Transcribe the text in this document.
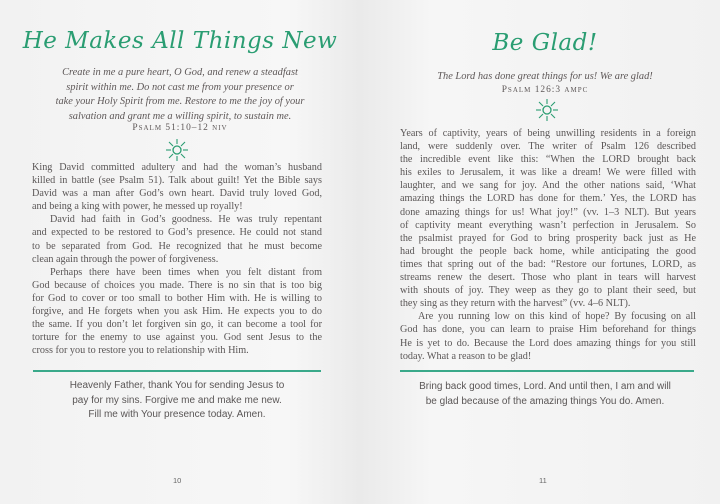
He Makes All Things New
Create in me a pure heart, O God, and renew a steadfast
spirit within me. Do not cast me from your presence or
take your Holy Spirit from me. Restore to me the joy of your
salvation and grant me a willing spirit, to sustain me.
Psalm 51:10–12 niv
King David committed adultery and had the woman’s husband
killed in battle (see Psalm 51). Talk about guilt! Yet the Bible says
David was a man after God’s own heart. David truly loved God,
and being a king with power, he messed up royally!
David had faith in God’s goodness. He was truly repentant
and expected to be restored to God’s presence. He could not stand
to be separated from God. He recognized that he must become
clean again through the power of forgiveness.
Perhaps there have been times when you felt distant from
God because of choices you made. There is no sin that is too big
for God to cover or too small to bother Him with. He is willing to
forgive, and He forgets when you ask Him. He expects you to do
the same. If you don’t let forgiven sin go, it can become a tool for
torture for the enemy to use against you. God sent Jesus to the
cross for you to restore you to relationship with Him.
Heavenly Father, thank You for sending Jesus to
pay for my sins. Forgive me and make me new.
Fill me with Your presence today. Amen.
10
Be Glad!
The Lord has done great things for us! We are glad!
Psalm 126:3 ampc
Years of captivity, years of being unwilling residents in a foreign
land, were suddenly over. The writer of Psalm 126 described
the incredible event like this: “When the LORD brought back
his exiles to Jerusalem, it was like a dream! We were filled with
laughter, and we sang for joy. And the other nations said, ‘What
amazing things the LORD has done for them.’ Yes, the LORD has
done amazing things for us! What joy!” (vv. 1–3 NLT). But years
of captivity meant everything wasn’t perfection in Jerusalem. So
the psalmist prayed for God to bring prosperity back just as He
had brought the people back home, while anticipating the good
times that spring out of the bad: “Restore our fortunes, LORD, as
streams renew the desert. Those who plant in tears will harvest
with shouts of joy. They weep as they go to plant their seed, but
they sing as they return with the harvest” (vv. 4–6 NLT).
Are you running low on this kind of hope? By focusing on all
God has done, you can learn to praise Him beforehand for things
He is yet to do. Because the Lord does amazing things for you still
today. What a reason to be glad!
Bring back good times, Lord. And until then, I am and will
be glad because of the amazing things You do. Amen.
11
